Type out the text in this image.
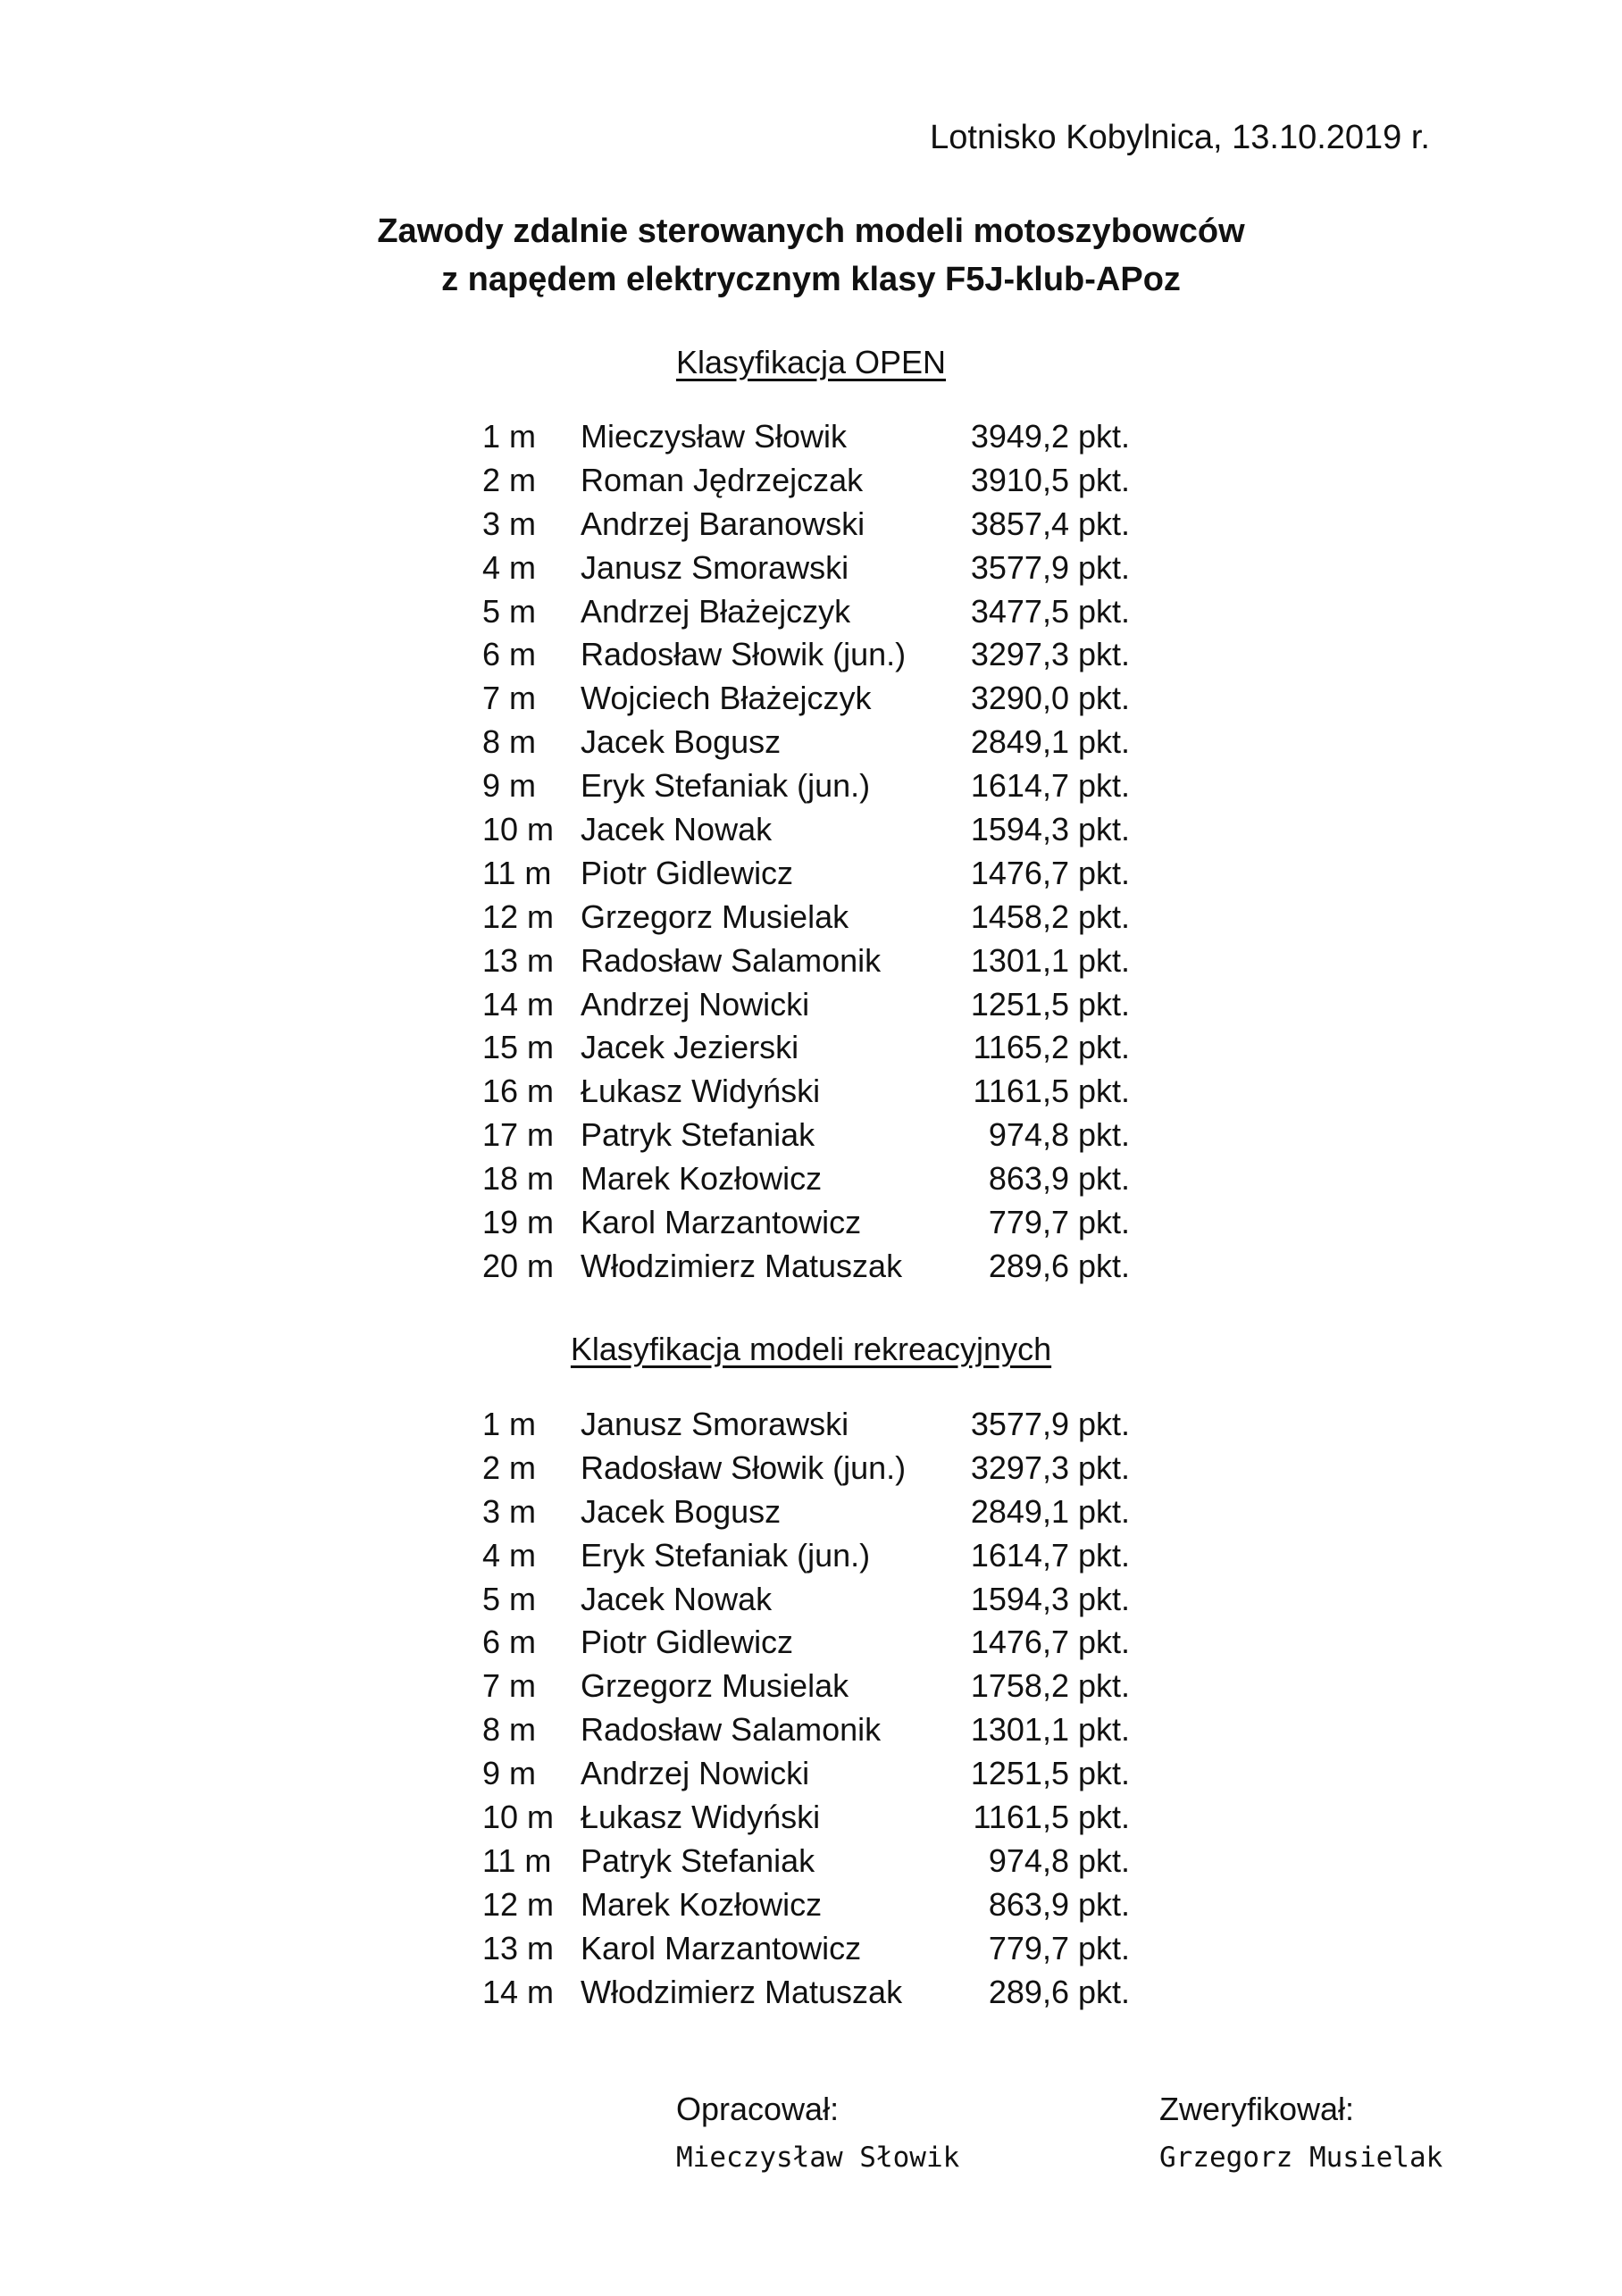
Lotnisko Kobylnica, 13.10.2019 r.
Zawody zdalnie sterowanych modeli motoszybowców
z napędem elektrycznym klasy F5J-klub-APoz
Klasyfikacja OPEN
1 m	Mieczysław Słowik	3949,2 pkt.
2 m	Roman Jędrzejczak	3910,5 pkt.
3 m	Andrzej Baranowski	3857,4 pkt.
4 m	Janusz Smorawski	3577,9 pkt.
5 m	Andrzej Błażejczyk	3477,5 pkt.
6 m	Radosław Słowik (jun.)	3297,3 pkt.
7 m	Wojciech Błażejczyk	3290,0 pkt.
8 m	Jacek Bogusz	2849,1 pkt.
9 m	Eryk Stefaniak (jun.)	1614,7 pkt.
10 m Jacek Nowak	1594,3 pkt.
11 m Piotr Gidlewicz	1476,7 pkt.
12 m Grzegorz Musielak	1458,2 pkt.
13 m Radosław Salamonik	1301,1 pkt.
14 m Andrzej Nowicki	1251,5 pkt.
15 m Jacek Jezierski	1165,2 pkt.
16 m Łukasz Widyński	1161,5 pkt.
17 m Patryk Stefaniak	974,8 pkt.
18 m Marek Kozłowicz	863,9 pkt.
19 m Karol Marzantowicz	779,7 pkt.
20 m Włodzimierz Matuszak	289,6 pkt.
Klasyfikacja modeli rekreacyjnych
1 m	Janusz Smorawski	3577,9 pkt.
2 m	Radosław Słowik (jun.)	3297,3 pkt.
3 m	Jacek Bogusz	2849,1 pkt.
4 m	Eryk Stefaniak (jun.)	1614,7 pkt.
5 m	Jacek Nowak	1594,3 pkt.
6 m	Piotr Gidlewicz	1476,7 pkt.
7 m	Grzegorz Musielak	1758,2 pkt.
8 m	Radosław Salamonik	1301,1 pkt.
9 m	Andrzej Nowicki	1251,5 pkt.
10 m Łukasz Widyński	1161,5 pkt.
11 m Patryk Stefaniak	974,8 pkt.
12 m Marek Kozłowicz	863,9 pkt.
13 m Karol Marzantowicz	779,7 pkt.
14 m Włodzimierz Matuszak	289,6 pkt.
Opracował:
Mieczysław Słowik
Zweryfikował:
Grzegorz Musielak
